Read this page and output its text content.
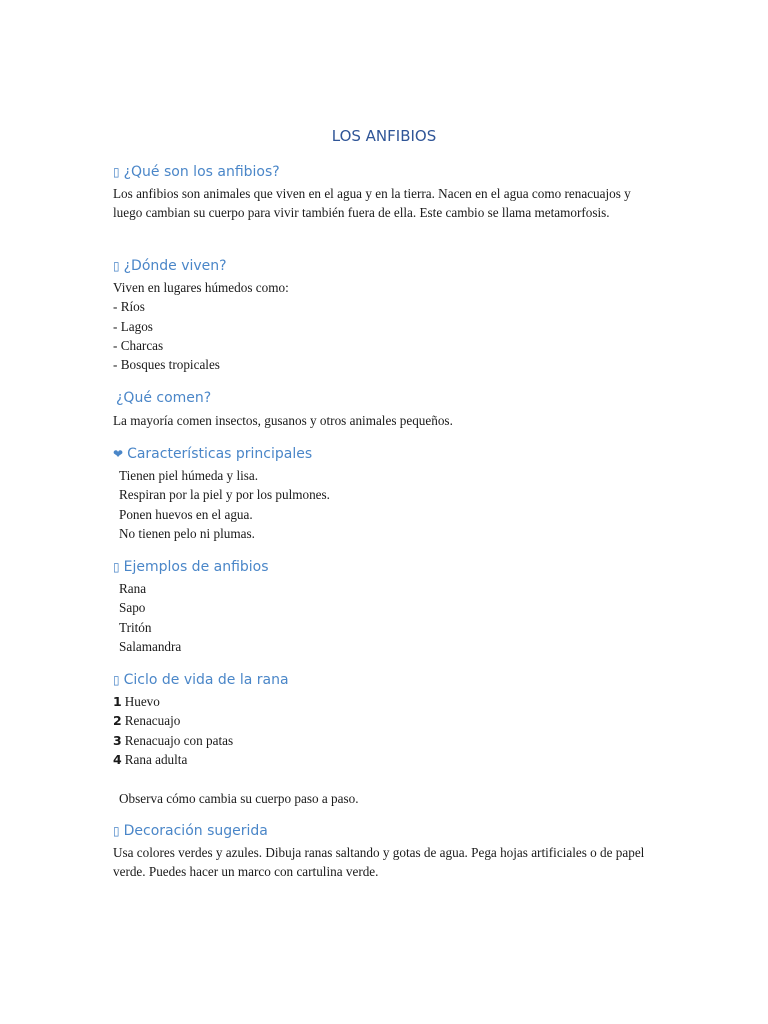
LOS ANFIBIOS
▯ ¿Qué son los anfibios?
Los anfibios son animales que viven en el agua y en la tierra. Nacen en el agua como renacuajos y luego cambian su cuerpo para vivir también fuera de ella. Este cambio se llama metamorfosis.
▯ ¿Dónde viven?
Viven en lugares húmedos como:
- Ríos
- Lagos
- Charcas
- Bosques tropicales
¿Qué comen?
La mayoría comen insectos, gusanos y otros animales pequeños.
❤ Características principales
Tienen piel húmeda y lisa.
Respiran por la piel y por los pulmones.
Ponen huevos en el agua.
No tienen pelo ni plumas.
▯ Ejemplos de anfibios
Rana
Sapo
Tritón
Salamandra
▯ Ciclo de vida de la rana
1 Huevo
2 Renacuajo
3 Renacuajo con patas
4 Rana adulta
Observa cómo cambia su cuerpo paso a paso.
▯ Decoración sugerida
Usa colores verdes y azules. Dibuja ranas saltando y gotas de agua. Pega hojas artificiales o de papel verde. Puedes hacer un marco con cartulina verde.
